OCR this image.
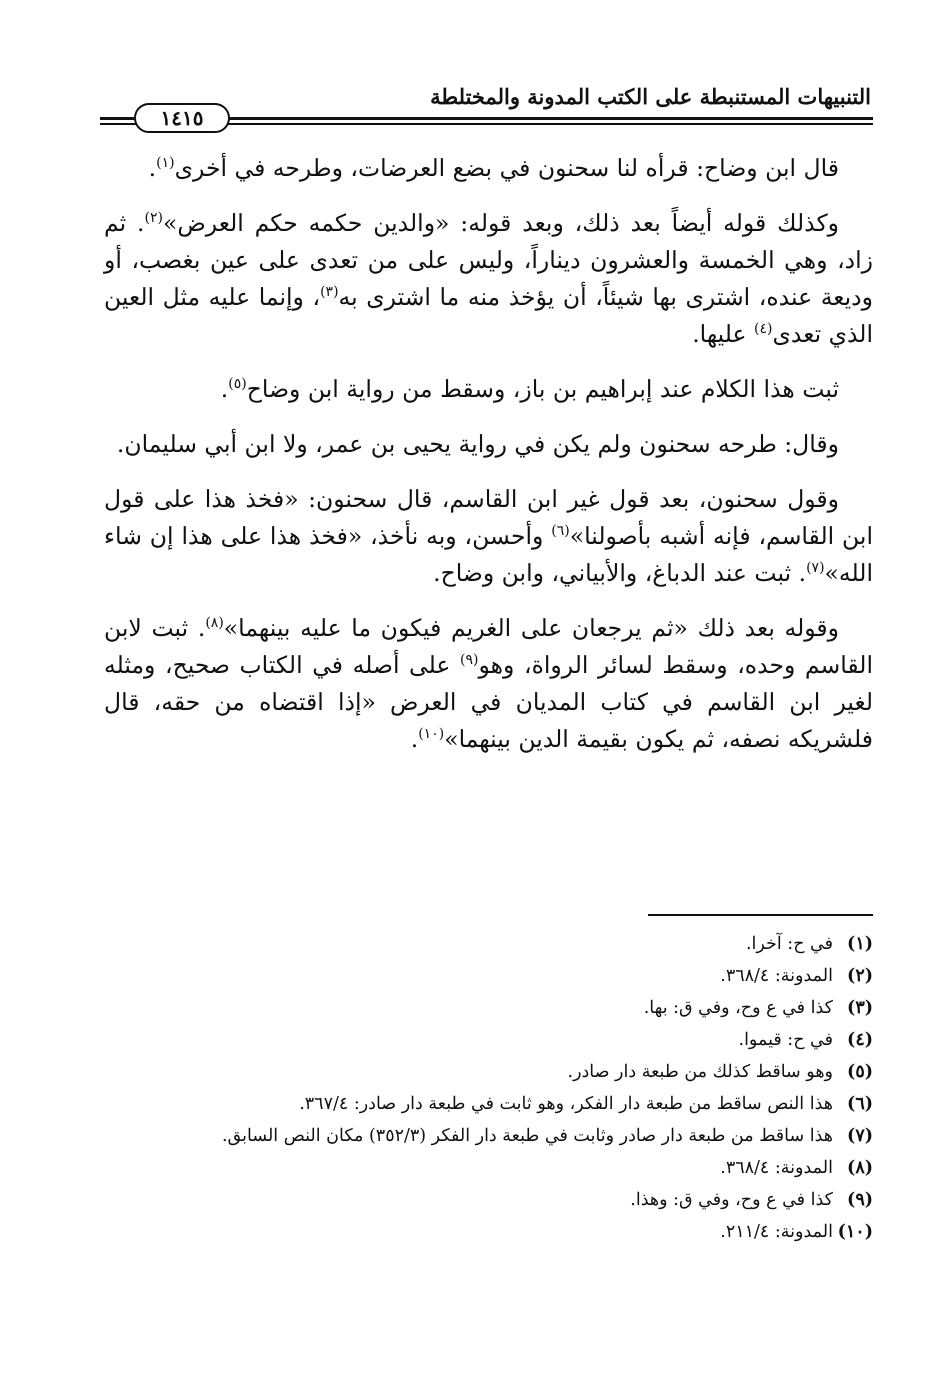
التنبيهات المستنبطة على الكتب المدونة والمختلطة
١٤١٥

قال ابن وضاح: قرأه لنا سحنون في بضع العرضات، وطرحه في أخرى$^{(١)}$.

وكذلك قوله أيضاً بعد ذلك، وبعد قوله: «والدين حكمه حكم العرض»$^{(٢)}$. ثم زاد، وهي الخمسة والعشرون ديناراً، وليس على من تعدى على عين بغصب، أو وديعة عنده، اشترى بها شيئاً، أن يؤخذ منه ما اشترى به$^{(٣)}$، وإنما عليه مثل العين الذي تعدى$^{(٤)}$ عليها.

ثبت هذا الكلام عند إبراهيم بن باز، وسقط من رواية ابن وضاح$^{(٥)}$.

وقال: طرحه سحنون ولم يكن في رواية يحيى بن عمر، ولا ابن أبي سليمان.

وقول سحنون، بعد قول غير ابن القاسم، قال سحنون: «فخذ هذا على قول ابن القاسم، فإنه أشبه بأصولنا»$^{(٦)}$ وأحسن، وبه نأخذ، «فخذ هذا على هذا إن شاء الله»$^{(٧)}$. ثبت عند الدباغ، والأبياني، وابن وضاح.

وقوله بعد ذلك «ثم يرجعان على الغريم فيكون ما عليه بينهما»$^{(٨)}$. ثبت لابن القاسم وحده، وسقط لسائر الرواة، وهو$^{(٩)}$ على أصله في الكتاب صحيح، ومثله لغير ابن القاسم في كتاب المديان في العرض «إذا اقتضاه من حقه، قال فلشريكه نصفه، ثم يكون بقيمة الدين بينهما»$^{(١٠)}$.

(١)
في ح: آخرا.
(٢)
المدونة: ٣٦٨/٤.
(٣)
كذا في ع وح، وفي ق: بها.
(٤)
في ح: قيموا.
(٥)
وهو ساقط كذلك من طبعة دار صادر.
(٦)
هذا النص ساقط من طبعة دار الفكر، وهو ثابت في طبعة دار صادر: ٣٦٧/٤.
(٧)
هذا ساقط من طبعة دار صادر وثابت في طبعة دار الفكر (٣٥٢/٣) مكان النص السابق.
(٨)
المدونة: ٣٦٨/٤.
(٩)
كذا في ع وح، وفي ق: وهذا.
(١٠)
المدونة: ٢١١/٤.
